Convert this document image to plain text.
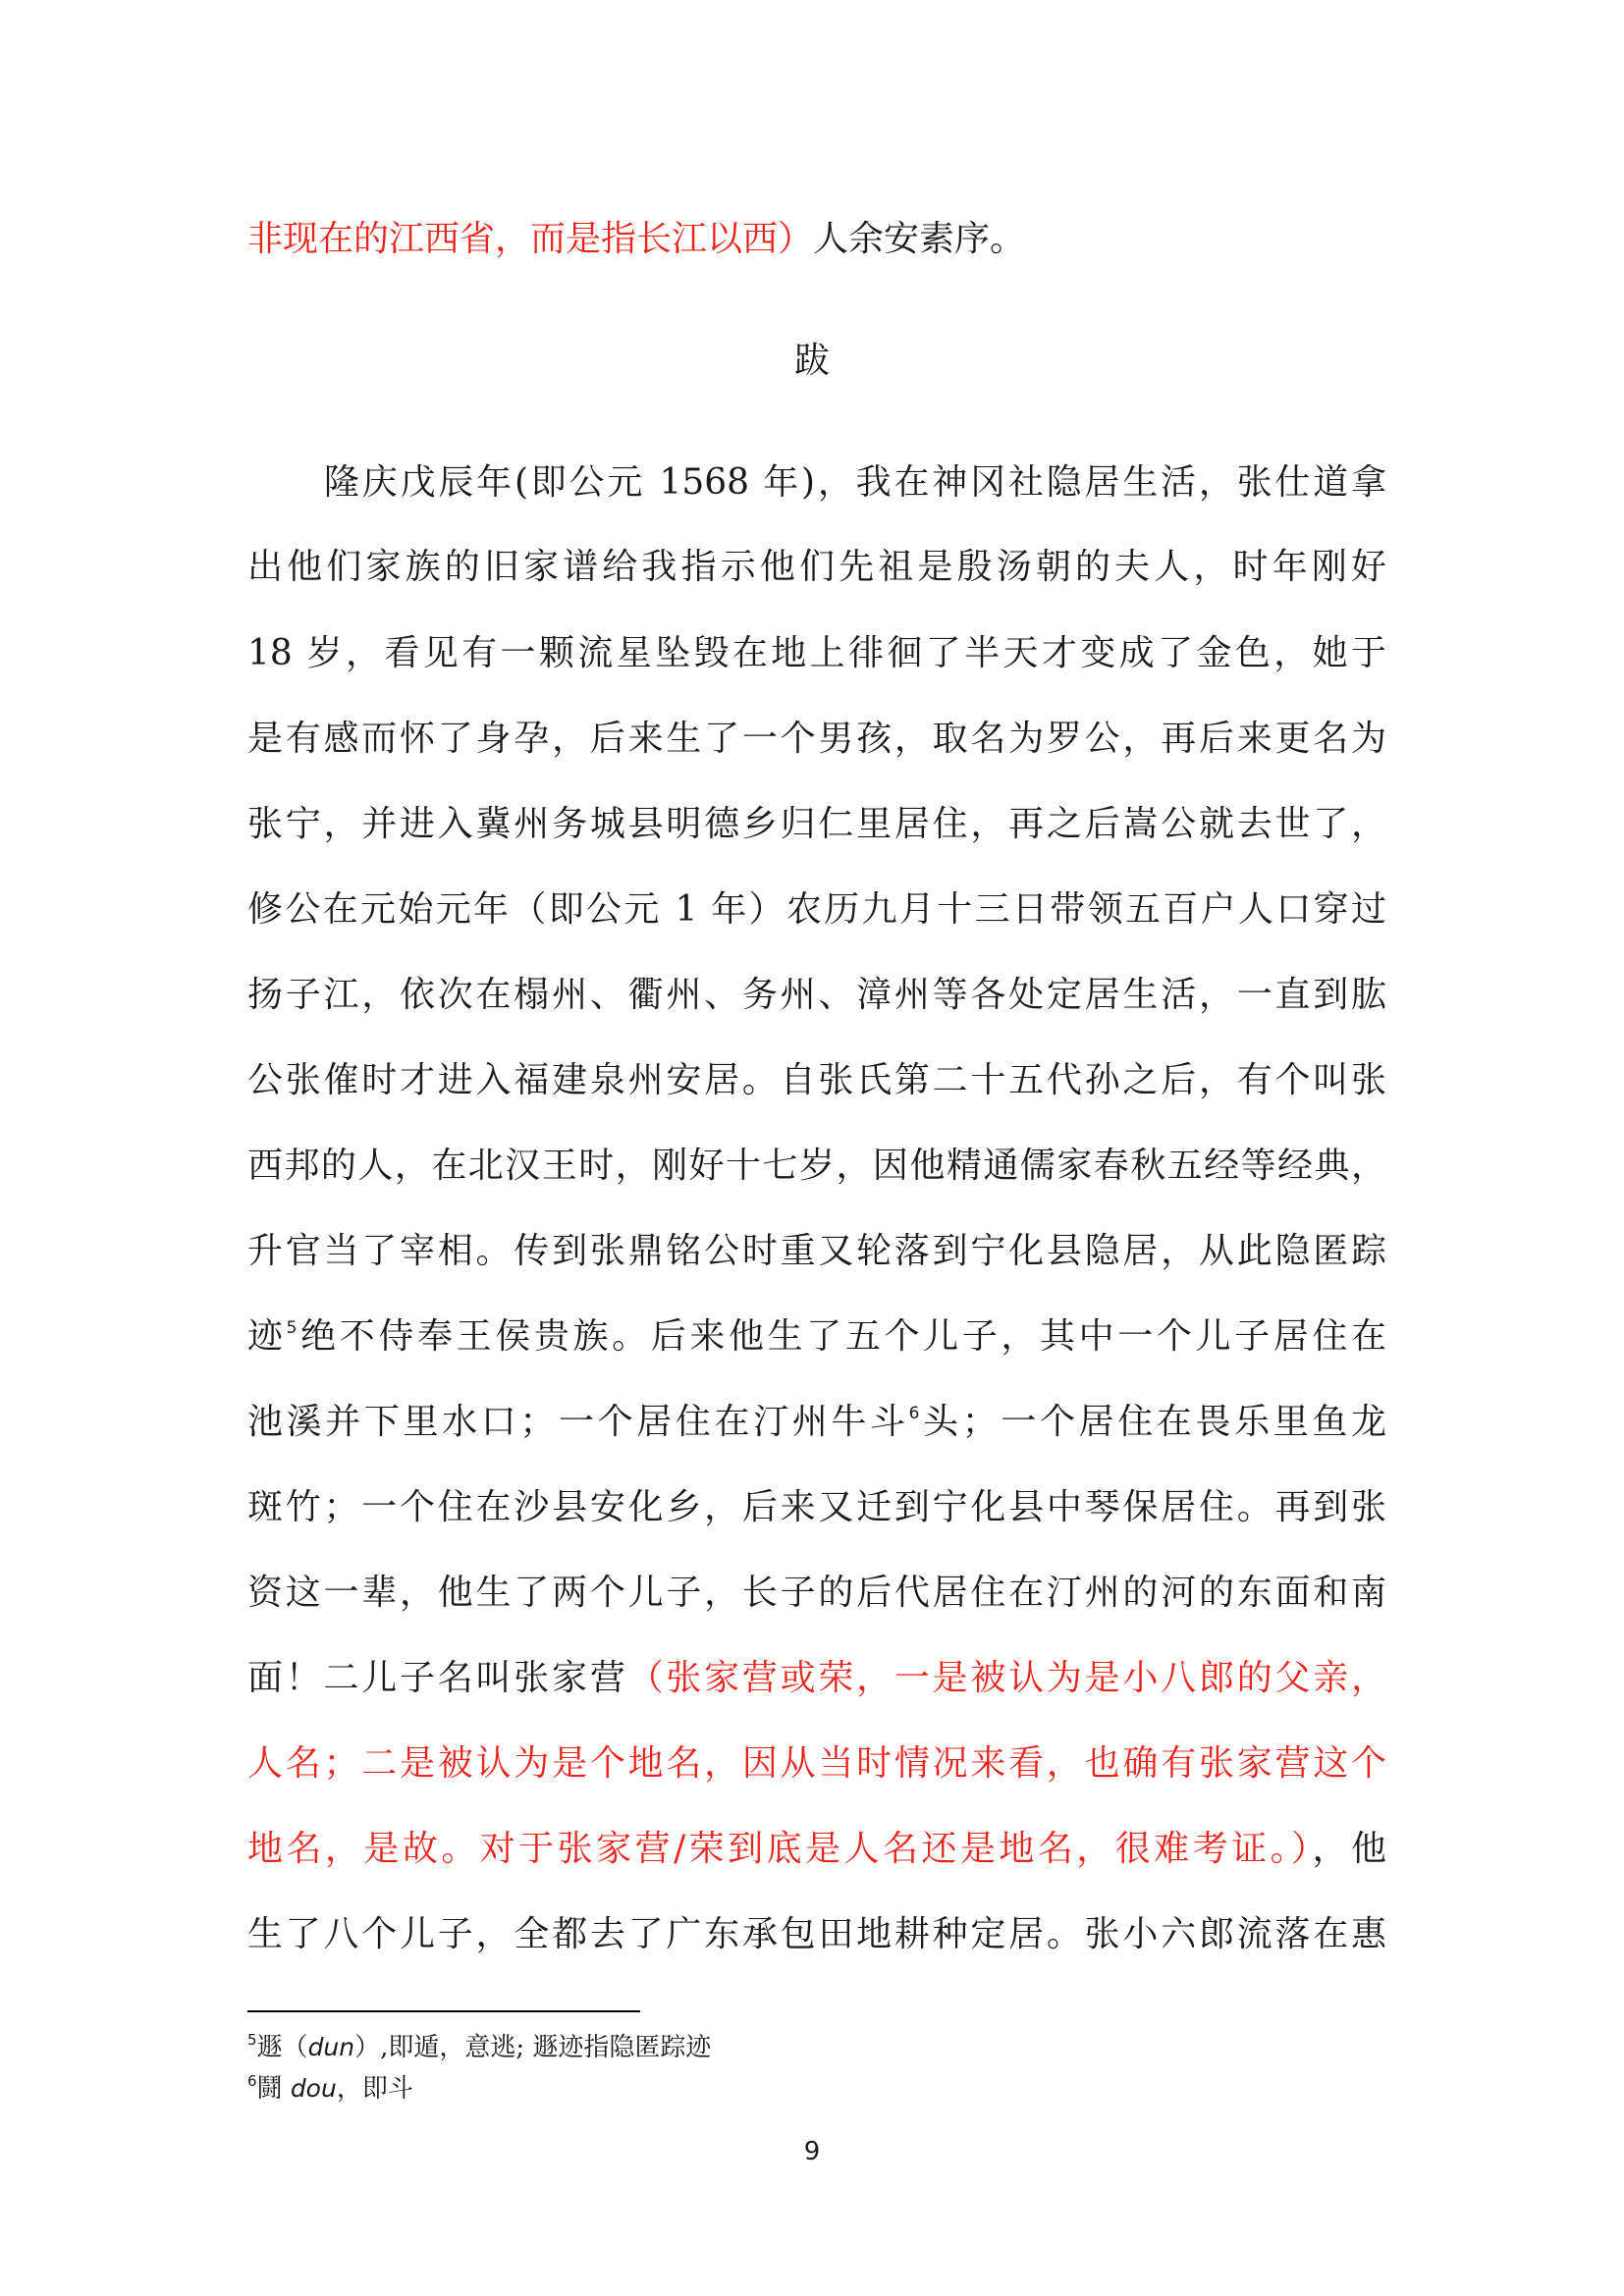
非现在的江西省，而是指长江以西）人余安素序。
跋
隆庆戊辰年(即公元 1568 年)，我在神冈社隐居生活，张仕道拿
出他们家族的旧家谱给我指示他们先祖是殷汤朝的夫人，时年刚好
18 岁，看见有一颗流星坠毁在地上徘徊了半天才变成了金色，她于
是有感而怀了身孕，后来生了一个男孩，取名为罗公，再后来更名为
张宁，并进入冀州务城县明德乡归仁里居住，再之后嵩公就去世了，
修公在元始元年（即公元 1 年）农历九月十三日带领五百户人口穿过
扬子江，依次在榻州、衢州、务州、漳州等各处定居生活，一直到肱
公张傕时才进入福建泉州安居。自张氏第二十五代孙之后，有个叫张
西邦的人，在北汉王时，刚好十七岁，因他精通儒家春秋五经等经典，
升官当了宰相。传到张鼎铭公时重又轮落到宁化县隐居，从此隐匿踪
迹$^5$绝不侍奉王侯贵族。后来他生了五个儿子，其中一个儿子居住在
池溪并下里水口；一个居住在汀州牛斗$^6$头；一个居住在畏乐里鱼龙
斑竹；一个住在沙县安化乡，后来又迁到宁化县中琴保居住。再到张
资这一辈，他生了两个儿子，长子的后代居住在汀州的河的东面和南
面！二儿子名叫张家营（张家营或荣，一是被认为是小八郎的父亲，
人名；二是被认为是个地名，因从当时情况来看，也确有张家营这个
地名，是故。对于张家营/荣到底是人名还是地名，很难考证。），他
生了八个儿子，全都去了广东承包田地耕种定居。张小六郎流落在惠
$^5$遯（dun）,即遁，意逃; 遯迹指隐匿踪迹
$^6$鬪 dou，即斗
9
